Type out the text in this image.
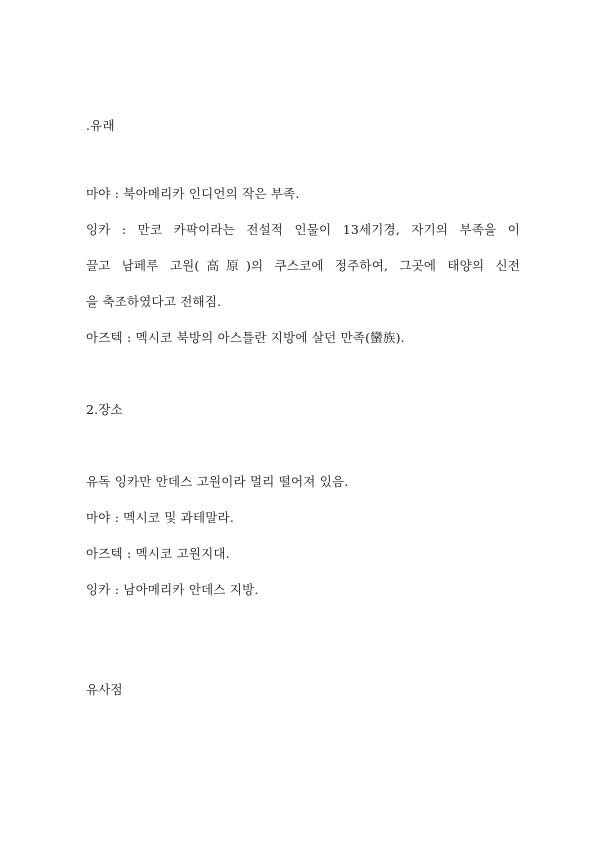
.유래
마야 : 북아메리카 인디언의 작은 부족.
잉카 : 만코 카팍이라는 전설적 인물이 13세기경, 자기의 부족을 이
끌고 남페루 고원(高原)의 쿠스코에 정주하여, 그곳에 태양의 신전
을 축조하였다고 전해짐.
아즈텍 : 멕시코 북방의 아스틀란 지방에 살던 만족(蠻族).
2.장소
유독 잉카만 안데스 고원이라 멀리 떨어져 있음.
마야 : 멕시코 및 과테말라.
아즈텍 : 멕시코 고원지대.
잉카 : 남아메리카 안데스 지방.
유사점
